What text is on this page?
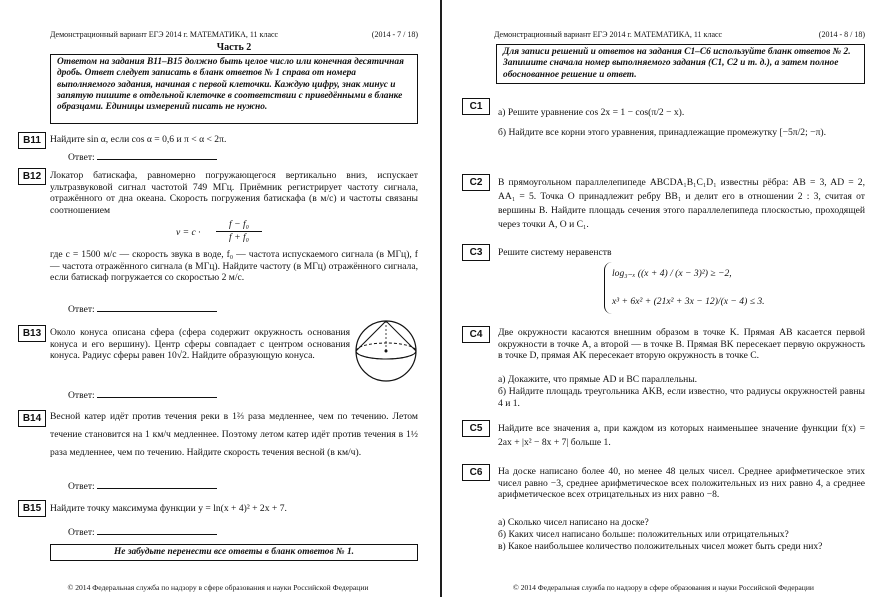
Демонстрационный вариант ЕГЭ 2014 г. МАТЕМАТИКА, 11 класс	(2014 - 7 / 18)
Часть 2
Ответом на задания B11–B15 должно быть целое число или конечная десятичная дробь. Ответ следует записать в бланк ответов № 1 справа от номера выполняемого задания, начиная с первой клеточки. Каждую цифру, знак минус и запятую пишите в отдельной клеточке в соответствии с приведёнными в бланке образцами. Единицы измерений писать не нужно.
B11 Найдите sin α, если cos α = 0,6 и π < α < 2π.
Ответ:
B12 Локатор батискафа, равномерно погружающегося вертикально вниз, испускает ультразвуковой сигнал частотой 749 МГц. Приёмник регистрирует частоту сигнала, отражённого от дна океана. Скорость погружения батискафа (в м/с) и частоты связаны соотношением
v = c ·
f − f₀
f + f₀
где c = 1500 м/с — скорость звука в воде, f₀ — частота испускаемого сигнала (в МГц), f — частота отражённого сигнала (в МГц). Найдите частоту (в МГц) отражённого сигнала, если батискаф погружается со скоростью 2 м/с.
Ответ:
B13 Около конуса описана сфера (сфера содержит окружность основания конуса и его вершину). Центр сферы совпадает с центром основания конуса. Радиус сферы равен 10√2. Найдите образующую конуса.
Ответ:
B14 Весной катер идёт против течения реки в 1⅔ раза медленнее, чем по течению. Летом течение становится на 1 км/ч медленнее. Поэтому летом катер идёт против течения в 1½ раза медленнее, чем по течению. Найдите скорость течения весной (в км/ч).
Ответ:
B15 Найдите точку максимума функции y = ln(x + 4)² + 2x + 7.
Ответ:
Не забудьте перенести все ответы в бланк ответов № 1.
© 2014 Федеральная служба по надзору в сфере образования и науки Российской Федерации
Демонстрационный вариант ЕГЭ 2014 г. МАТЕМАТИКА, 11 класс	(2014 - 8 / 18)
Для записи решений и ответов на задания C1–C6 используйте бланк ответов № 2. Запишите сначала номер выполняемого задания (C1, C2 и т. д.), а затем полное обоснованное решение и ответ.
C1
а) Решите уравнение cos 2x = 1 − cos(π/2 − x).
б) Найдите все корни этого уравнения, принадлежащие промежутку [−5π/2; −π).
C2	В прямоугольном параллелепипеде ABCDA₁B₁C₁D₁ известны рёбра: AB = 3, AD = 2, AA₁ = 5. Точка O принадлежит ребру BB₁ и делит его в отношении 2 : 3, считая от вершины B. Найдите площадь сечения этого параллелепипеда плоскостью, проходящей через точки A, O и C₁.
C3	Решите систему неравенств
log₃₋ₓ ((x + 4) / (x − 3)²) ≥ −2,
x³ + 6x² + (21x² + 3x − 12)/(x − 4) ≤ 3.
C4	Две окружности касаются внешним образом в точке K. Прямая AB касается первой окружности в точке A, а второй — в точке B. Прямая BK пересекает первую окружность в точке D, прямая AK пересекает вторую окружность в точке C.
а) Докажите, что прямые AD и BC параллельны.
б) Найдите площадь треугольника AKB, если известно, что радиусы окружностей равны 4 и 1.
C5	Найдите все значения a, при каждом из которых наименьшее значение функции f(x) = 2ax + |x² − 8x + 7| больше 1.
C6	На доске написано более 40, но менее 48 целых чисел. Среднее арифметическое этих чисел равно −3, среднее арифметическое всех положительных из них равно 4, а среднее арифметическое всех отрицательных из них равно −8.
а) Сколько чисел написано на доске?
б) Каких чисел написано больше: положительных или отрицательных?
в) Какое наибольшее количество положительных чисел может быть среди них?
© 2014 Федеральная служба по надзору в сфере образования и науки Российской Федерации
